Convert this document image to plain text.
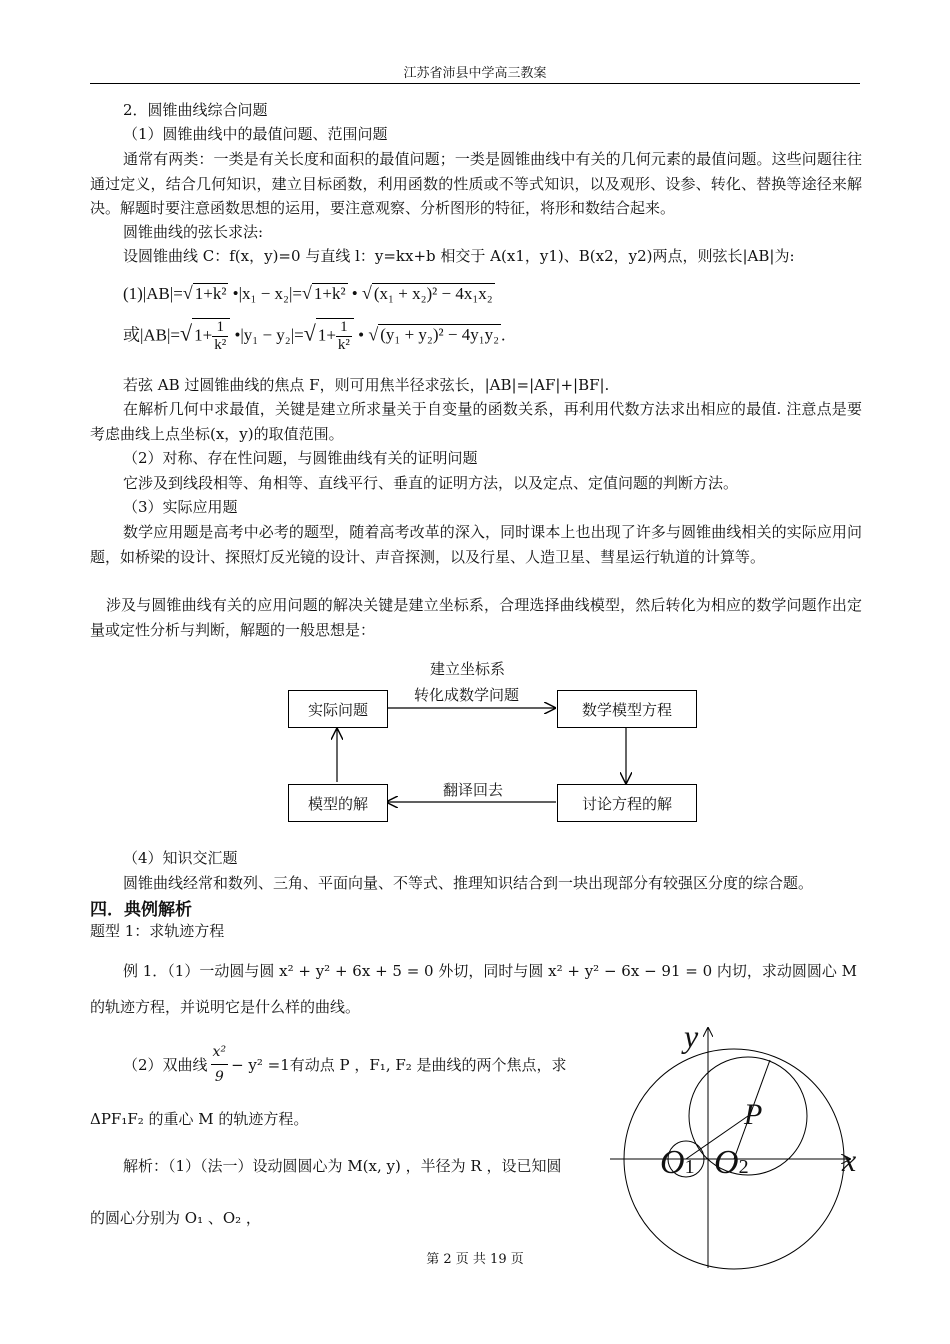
江苏省沛县中学高三教案
2．圆锥曲线综合问题
（1）圆锥曲线中的最值问题、范围问题
通常有两类：一类是有关长度和面积的最值问题；一类是圆锥曲线中有关的几何元素的最值问题。这些问题往往通过定义，结合几何知识，建立目标函数，利用函数的性质或不等式知识，以及观形、设参、转化、替换等途径来解决。解题时要注意函数思想的运用，要注意观察、分析图形的特征，将形和数结合起来。
圆锥曲线的弦长求法:
设圆锥曲线 C：f(x，y)=0 与直线 l：y=kx+b 相交于 A(x1，y1)、B(x2，y2)两点，则弦长|AB|为:
(1)|AB|=√ 1+k² •|x₁ − x₂|=√ 1+k² • √ (x₁ + x₂)² − 4x₁x₂
或|AB|=√ $1+ \frac{1}{\text{k²}}$ •|y₁ − y₂|=√ $1+ \frac{1}{\text{k²}}$ • √ (y₁ + y₂)² − 4y₁y₂ .
若弦 AB 过圆锥曲线的焦点 F，则可用焦半径求弦长，|AB|=|AF|+|BF|.
在解析几何中求最值，关键是建立所求量关于自变量的函数关系，再利用代数方法求出相应的最值. 注意点是要考虑曲线上点坐标(x，y)的取值范围。
（2）对称、存在性问题，与圆锥曲线有关的证明问题
它涉及到线段相等、角相等、直线平行、垂直的证明方法，以及定点、定值问题的判断方法。
（3）实际应用题
数学应用题是高考中必考的题型，随着高考改革的深入，同时课本上也出现了许多与圆锥曲线相关的实际应用问题，如桥梁的设计、探照灯反光镜的设计、声音探测，以及行星、人造卫星、彗星运行轨道的计算等。
涉及与圆锥曲线有关的应用问题的解决关键是建立坐标系，合理选择曲线模型，然后转化为相应的数学问题作出定量或定性分析与判断，解题的一般思想是：
实际问题	数学模型方程
讨论方程的解
模型的解
建立坐标系
转化成数学问题
翻译回去
（4）知识交汇题
圆锥曲线经常和数列、三角、平面向量、不等式、推理知识结合到一块出现部分有较强区分度的综合题。
四．典例解析
题型 1：求轨迹方程
例 1．（1）一动圆与圆 x² + y² + 6x + 5 = 0 外切，同时与圆 x² + y² − 6x − 91 = 0 内切，求动圆圆心 M
的轨迹方程，并说明它是什么样的曲线。
（2）双曲线 $\frac{\text{x²}}{9} - y^2 =1$有动点 P ，F₁, F₂ 是曲线的两个焦点，求
ΔPF₁F₂ 的重心 M 的轨迹方程。
解析：（1）（法一）设动圆圆心为 M(x, y) ，半径为 R ，设已知圆
的圆心分别为 O₁ 、O₂ ，
y
x
P
O1 O2
第 2 页 共 19 页
